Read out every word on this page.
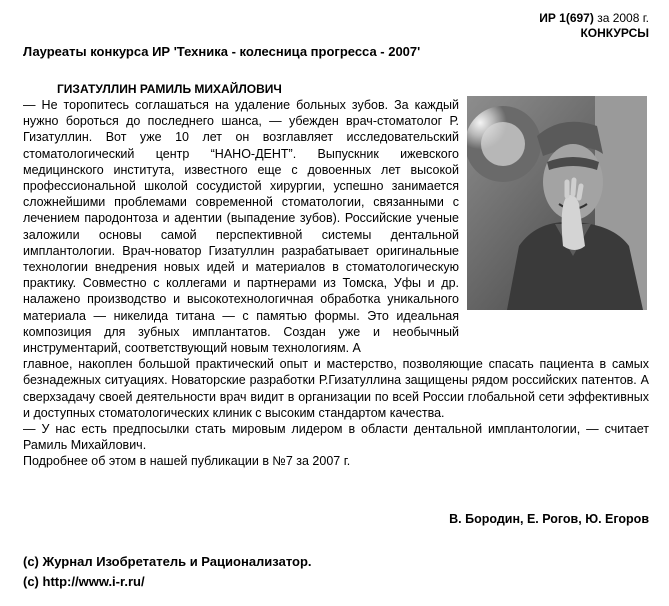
ИР 1(697) за 2008 г.
КОНКУРСЫ
Лауреаты конкурса ИР 'Техника - колесница прогресса - 2007'
ГИЗАТУЛЛИН РАМИЛЬ МИХАЙЛОВИЧ

— Не торопитесь соглашаться на удаление больных зубов. За каждый нужно бороться до последнего шанса, — убежден врач-стоматолог Р. Гизатуллин. Вот уже 10 лет он возглавляет исследовательский стоматологический центр “НАНО-ДЕНТ”. Выпускник ижевского медицинского института, известного еще с довоенных лет высокой профессиональной школой сосудистой хирургии, успешно занимается сложнейшими проблемами современной стоматологии, связанными с лечением пародонтоза и адентии (выпадение зубов). Российские ученые заложили основы самой перспективной системы дентальной имплантологии. Врач-новатор Гизатуллин разрабатывает оригинальные технологии внедрения новых идей и материалов в стоматологическую практику. Совместно с коллегами и партнерами из Томска, Уфы и др. налажено производство и высокотехнологичная обработка уникального материала — никелида титана — с памятью формы. Это идеальная композиция для зубных имплантатов. Создан уже и необычный инструментарий, соответствующий новым технологиям. А

главное, накоплен большой практический опыт и мастерство, позволяющие спасать пациента в самых безнадежных ситуациях. Новаторские разработки Р.Гизатуллина защищены рядом российских патентов. А сверхзадачу своей деятельности врач видит в организации по всей России глобальной сети эффективных и доступных стоматологических клиник с высоким стандартом качества.

— У нас есть предпосылки стать мировым лидером в области дентальной имплантологии, — считает Рамиль Михайлович.

Подробнее об этом в нашей публикации в №7 за 2007 г.

В. Бородин, Е. Рогов, Ю. Егоров
(с) Журнал Изобретатель и Рационализатор.
(с) http://www.i-r.ru/
